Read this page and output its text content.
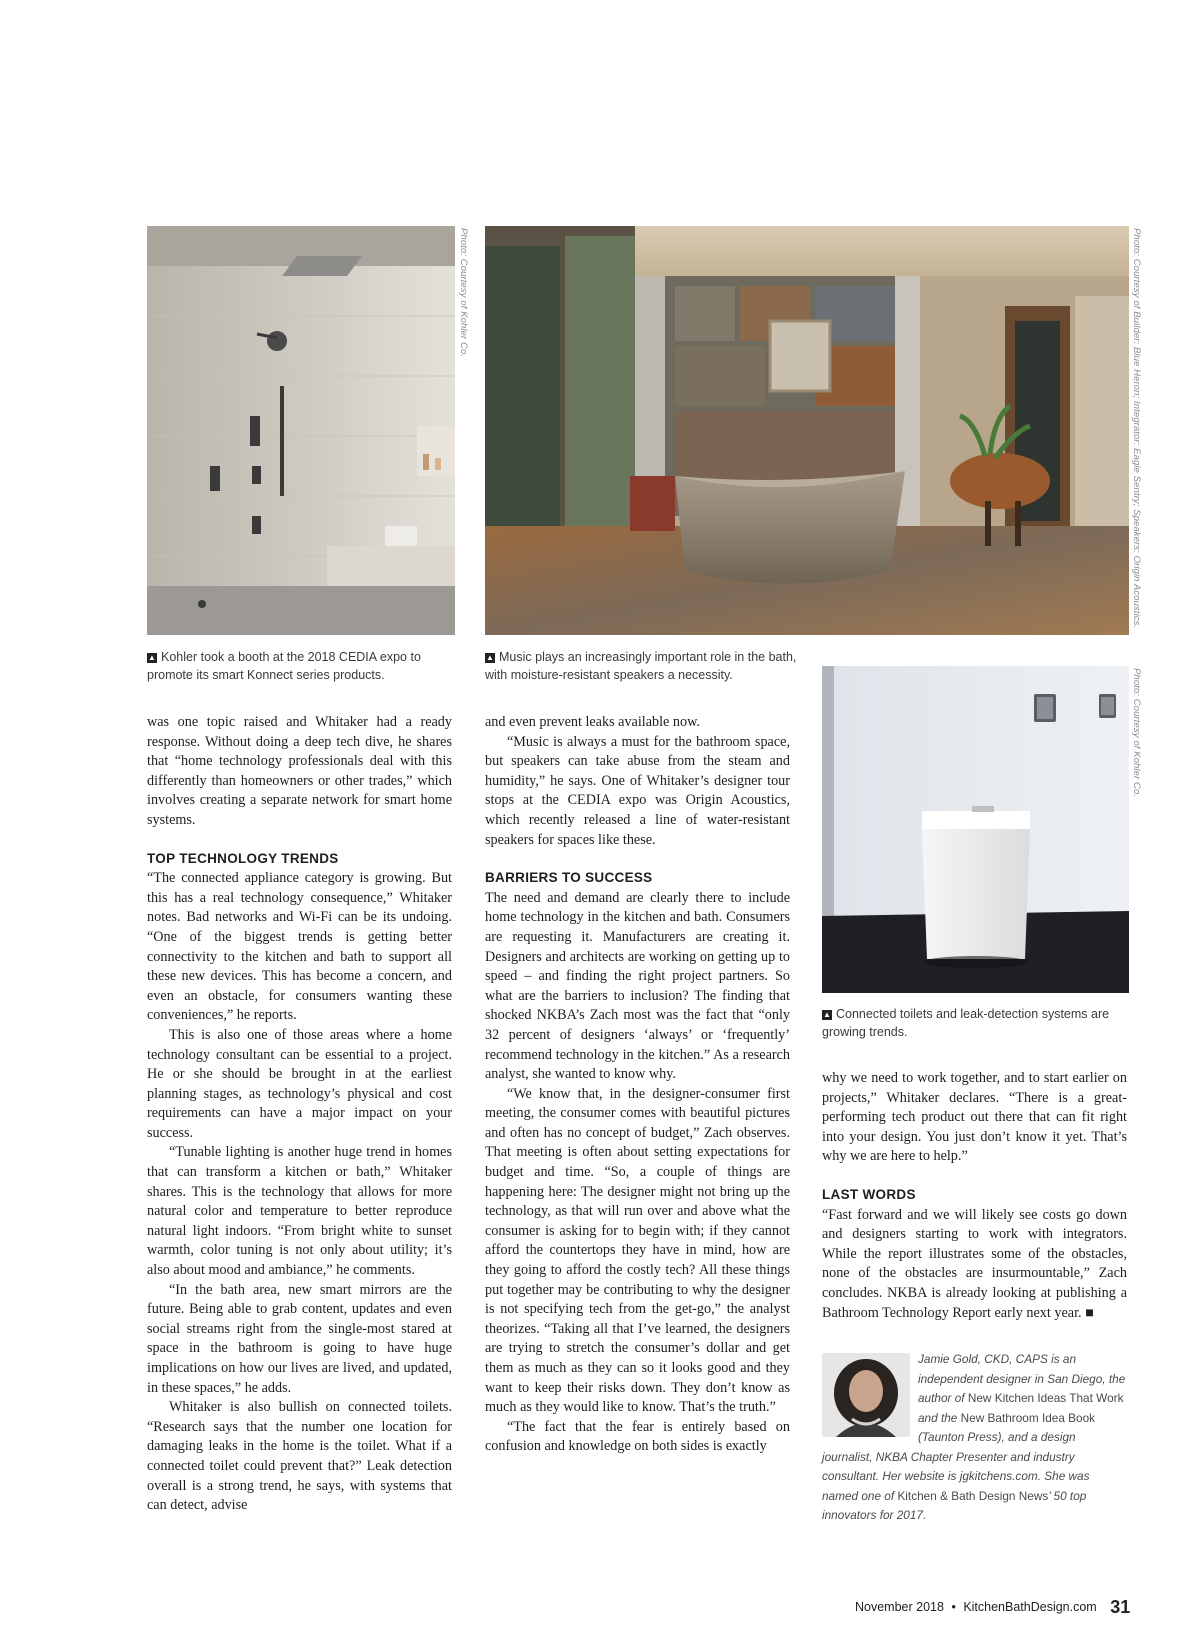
Photo: Courtesy of Kohler Co.
▲ Kohler took a booth at the 2018 CEDIA expo to promote its smart Konnect series products.
Photo: Courtesy of Builder: Blue Heron; Integrator: Eagle Sentry; Speakers: Origin Acoustics.
▲ Music plays an increasingly important role in the bath, with moisture-resistant speakers a necessity.	Photo: Courtesy of Kohler Co.
▲ Connected toilets and leak-detection systems are growing trends.

was one topic raised and Whitaker had a ready response. Without doing a deep tech dive, he shares that “home technology professionals deal with this differently than homeowners or other trades,” which involves creating a separate network for smart home systems.

TOP TECHNOLOGY TRENDS

“The connected appliance category is growing. But this has a real technology consequence,” Whitaker notes. Bad networks and Wi-Fi can be its undoing. “One of the biggest trends is getting better connectivity to the kitchen and bath to support all these new devices. This has become a concern, and even an obstacle, for consumers wanting these conveniences,” he reports.

This is also one of those areas where a home technology consultant can be essential to a project. He or she should be brought in at the earliest planning stages, as technology’s physical and cost requirements can have a major impact on your success.

“Tunable lighting is another huge trend in homes that can transform a kitchen or bath,” Whitaker shares. This is the technology that allows for more natural color and temperature to better reproduce natural light indoors. “From bright white to sunset warmth, color tuning is not only about utility; it’s also about mood and ambiance,” he comments.

“In the bath area, new smart mirrors are the future. Being able to grab content, updates and even social streams right from the single-most stared at space in the bathroom is going to have huge implications on how our lives are lived, and updated, in these spaces,” he adds.

Whitaker is also bullish on connected toilets. “Research says that the number one location for damaging leaks in the home is the toilet. What if a connected toilet could prevent that?” Leak detection overall is a strong trend, he says, with systems that can detect, advise

and even prevent leaks available now.

“Music is always a must for the bathroom space, but speakers can take abuse from the steam and humidity,” he says. One of Whitaker’s designer tour stops at the CEDIA expo was Origin Acoustics, which recently released a line of water-resistant speakers for spaces like these.

BARRIERS TO SUCCESS

The need and demand are clearly there to include home technology in the kitchen and bath. Consumers are requesting it. Manufacturers are creating it. Designers and architects are working on getting up to speed – and finding the right project partners. So what are the barriers to inclusion? The finding that shocked NKBA’s Zach most was the fact that “only 32 percent of designers ‘always’ or ‘frequently’ recommend technology in the kitchen.” As a research analyst, she wanted to know why.

“We know that, in the designer-consumer first meeting, the consumer comes with beautiful pictures and often has no concept of budget,” Zach observes. That meeting is often about setting expectations for budget and time. “So, a couple of things are happening here: The designer might not bring up the technology, as that will run over and above what the consumer is asking for to begin with; if they cannot afford the countertops they have in mind, how are they going to afford the costly tech? All these things put together may be contributing to why the designer is not specifying tech from the get-go,” the analyst theorizes. “Taking all that I’ve learned, the designers are trying to stretch the consumer’s dollar and get them as much as they can so it looks good and they want to keep their risks down. They don’t know as much as they would like to know. That’s the truth.”

“The fact that the fear is entirely based on confusion and knowledge on both sides is exactly

why we need to work together, and to start earlier on projects,” Whitaker declares. “There is a great-performing tech product out there that can fit right into your design. You just don’t know it yet. That’s why we are here to help.”

LAST WORDS

“Fast forward and we will likely see costs go down and designers starting to work with integrators. While the report illustrates some of the obstacles, none of the obstacles are insurmountable,” Zach concludes. NKBA is already looking at publishing a Bathroom Technology Report early next year. ■

Jamie Gold, CKD, CAPS is an independent designer in San Diego, the author of New Kitchen Ideas That Work and the New Bathroom Idea Book (Taunton Press), and a design journalist, NKBA Chapter Presenter and industry consultant. Her website is jgkitchens.com. She was named one of Kitchen & Bath Design News’ 50 top innovators for 2017.
November 2018 • KitchenBathDesign.com 31
